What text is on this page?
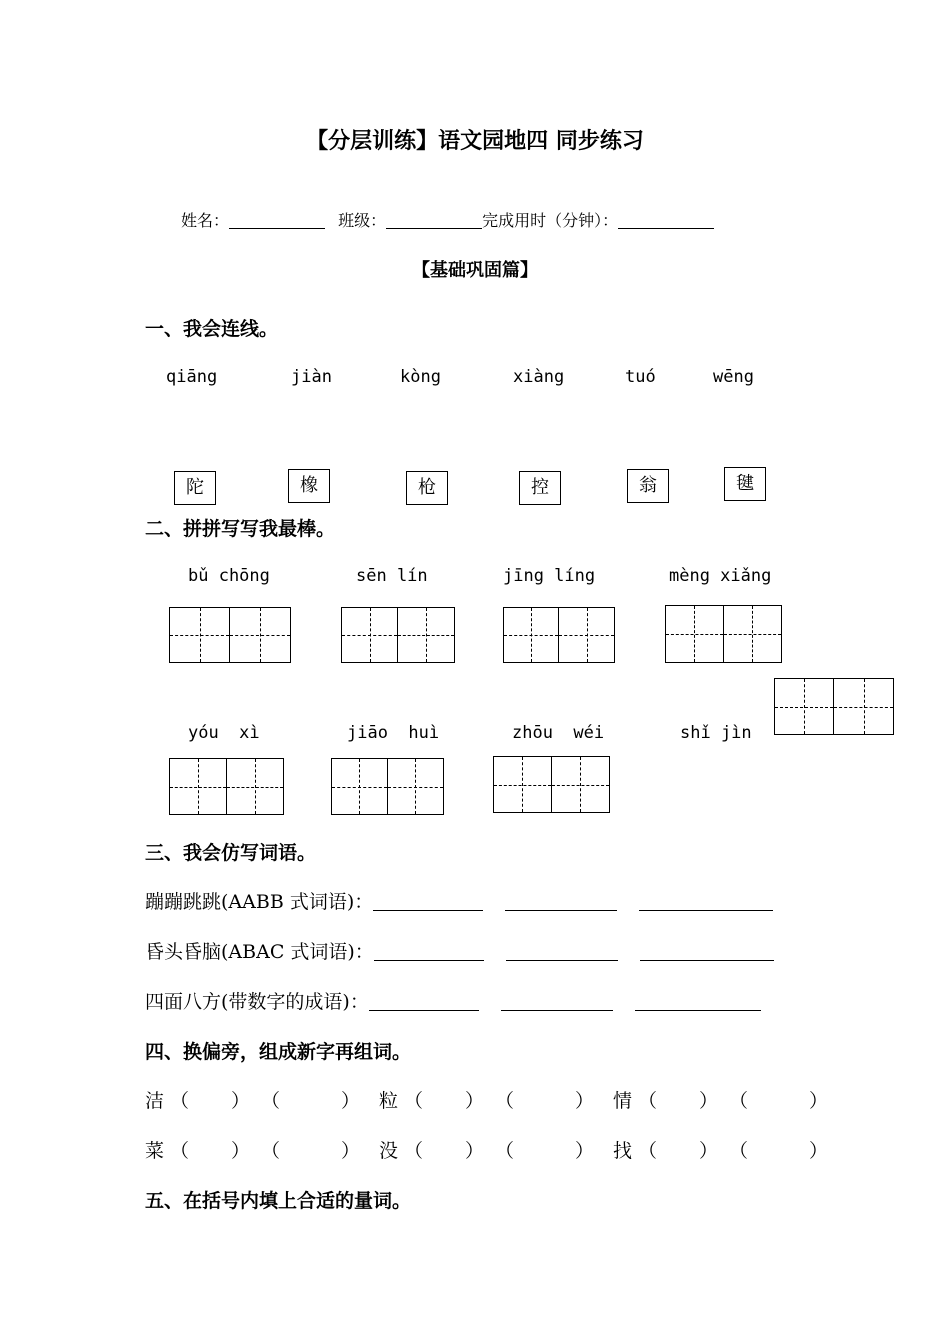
【分层训练】语文园地四 同步练习
姓名：	班级：	完成用时（分钟）：
【基础巩固篇】
一、我会连线。
qiāng	jiàn	kòng	xiàng	tuó	wēng
陀	橡	枪	控	翁	毽
二、拼拼写写我最棒。
bǔ chōng	sēn lín	jīng líng	mèng xiǎng
yóu  xì	jiāo  huì	zhōu  wéi	shǐ jìn
三、我会仿写词语。
蹦蹦跳跳(AABB 式词语)：
昏头昏脑(ABAC 式词语)：
四面八方(带数字的成语)：
四、换偏旁，组成新字再组词。
洁 （ ） （	） 粒 （ ） （	） 情 （ ） （	）
菜 （ ） （	） 没 （ ） （	） 找 （ ） （	）
五、在括号内填上合适的量词。
